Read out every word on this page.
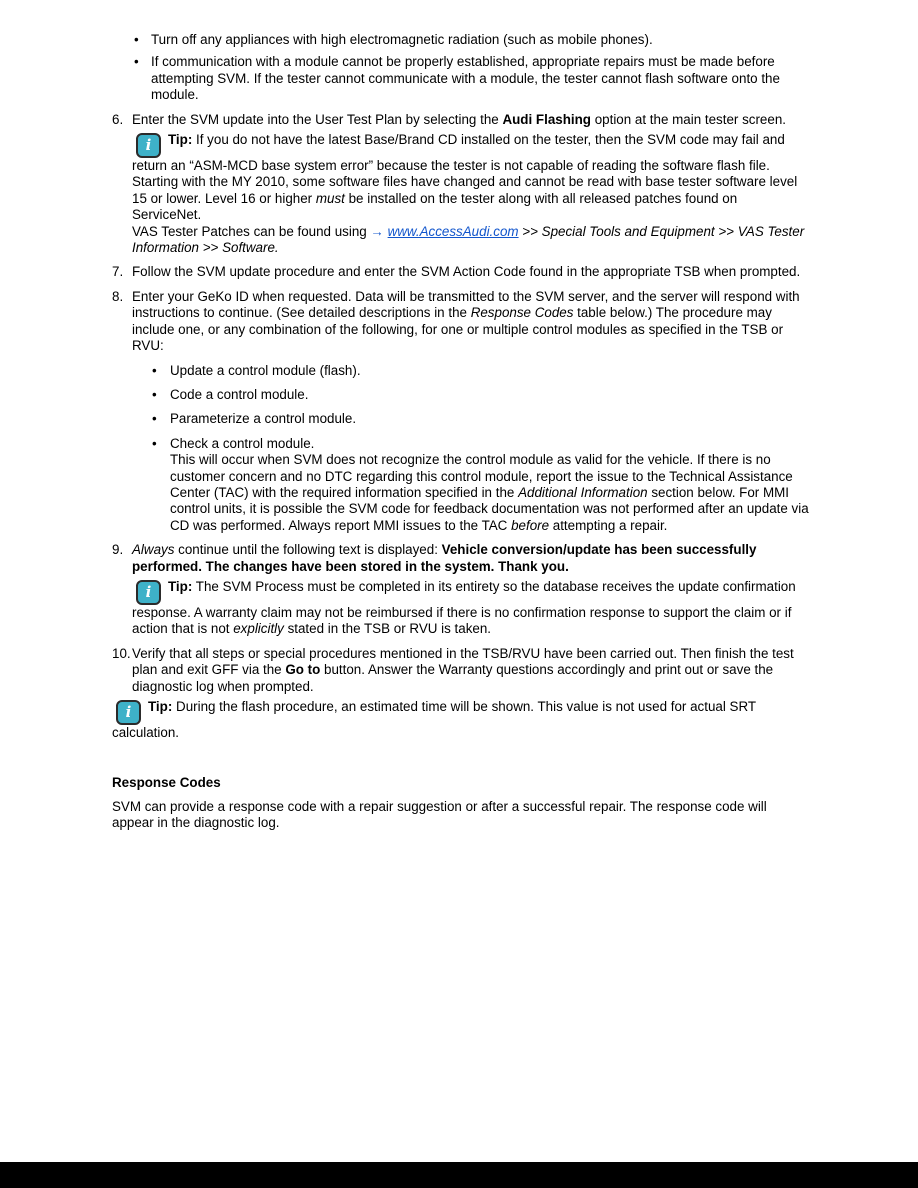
• Turn off any appliances with high electromagnetic radiation (such as mobile phones).
• If communication with a module cannot be properly established, appropriate repairs must be made before attempting SVM. If the tester cannot communicate with a module, the tester cannot flash software onto the module.
6. Enter the SVM update into the User Test Plan by selecting the Audi Flashing option at the main tester screen.
i Tip: If you do not have the latest Base/Brand CD installed on the tester, then the SVM code may fail and return an “ASM-MCD base system error” because the tester is not capable of reading the software flash file. Starting with the MY 2010, some software files have changed and cannot be read with base tester software level 15 or lower. Level 16 or higher must be installed on the tester along with all released patches found on ServiceNet.
VAS Tester Patches can be found using → www.AccessAudi.com >> Special Tools and Equipment >> VAS Tester Information >> Software.
7. Follow the SVM update procedure and enter the SVM Action Code found in the appropriate TSB when prompted.
8. Enter your GeKo ID when requested. Data will be transmitted to the SVM server, and the server will respond with instructions to continue. (See detailed descriptions in the Response Codes table below.) The procedure may include one, or any combination of the following, for one or multiple control modules as specified in the TSB or RVU:
• Update a control module (flash).
• Code a control module.
• Parameterize a control module.
• Check a control module.
This will occur when SVM does not recognize the control module as valid for the vehicle. If there is no customer concern and no DTC regarding this control module, report the issue to the Technical Assistance Center (TAC) with the required information specified in the Additional Information section below. For MMI control units, it is possible the SVM code for feedback documentation was not performed after an update via CD was performed. Always report MMI issues to the TAC before attempting a repair.
9. Always continue until the following text is displayed: Vehicle conversion/update has been successfully performed. The changes have been stored in the system. Thank you.
i Tip: The SVM Process must be completed in its entirety so the database receives the update confirmation response. A warranty claim may not be reimbursed if there is no confirmation response to support the claim or if action that is not explicitly stated in the TSB or RVU is taken.
10. Verify that all steps or special procedures mentioned in the TSB/RVU have been carried out. Then finish the test plan and exit GFF via the Go to button. Answer the Warranty questions accordingly and print out or save the diagnostic log when prompted.
i Tip: During the flash procedure, an estimated time will be shown. This value is not used for actual SRT calculation.
Response Codes
SVM can provide a response code with a repair suggestion or after a successful repair. The response code will appear in the diagnostic log.
